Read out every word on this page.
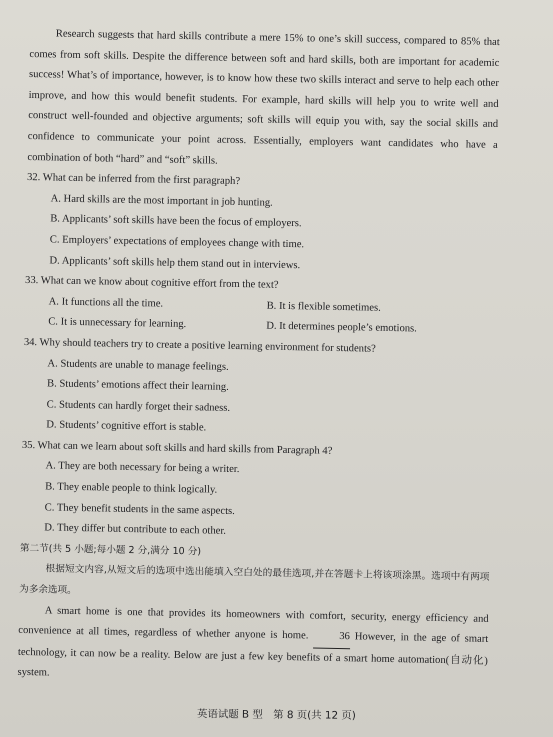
Research suggests that hard skills contribute a mere 15% to one’s skill success, compared to 85% that comes from soft skills. Despite the difference between soft and hard skills, both are important for academic success! What’s of importance, however, is to know how these two skills interact and serve to help each other improve, and how this would benefit students. For example, hard skills will help you to write well and construct well-founded and objective arguments; soft skills will equip you with, say the social skills and confidence to communicate your point across. Essentially, employers want candidates who have a combination of both “hard” and “soft” skills.

32. What can be inferred from the first paragraph?

A. Hard skills are the most important in job hunting.

B. Applicants’ soft skills have been the focus of employers.

C. Employers’ expectations of employees change with time.

D. Applicants’ soft skills help them stand out in interviews.

33. What can we know about cognitive effort from the text?

A. It functions all the time.	B. It is flexible sometimes.

C. It is unnecessary for learning.	D. It determines people’s emotions.

34. Why should teachers try to create a positive learning environment for students?

A. Students are unable to manage feelings.

B. Students’ emotions affect their learning.

C. Students can hardly forget their sadness.

D. Students’ cognitive effort is stable.

35. What can we learn about soft skills and hard skills from Paragraph 4?

A. They are both necessary for being a writer.

B. They enable people to think logically.

C. They benefit students in the same aspects.

D. They differ but contribute to each other.

第二节(共 5 小题;每小题 2 分,满分 10 分)

根据短文内容,从短文后的选项中选出能填入空白处的最佳选项,并在答题卡上将该项涂黑。选项中有两项为多余选项。

A smart home is one that provides its homeowners with comfort, security, energy efficiency and convenience at all times, regardless of whether anyone is home.	36 However, in the age of smart technology, it can now be a reality. Below are just a few key benefits of a smart home automation(自动化) system.

英语试题 B 型　第 8 页(共 12 页)
